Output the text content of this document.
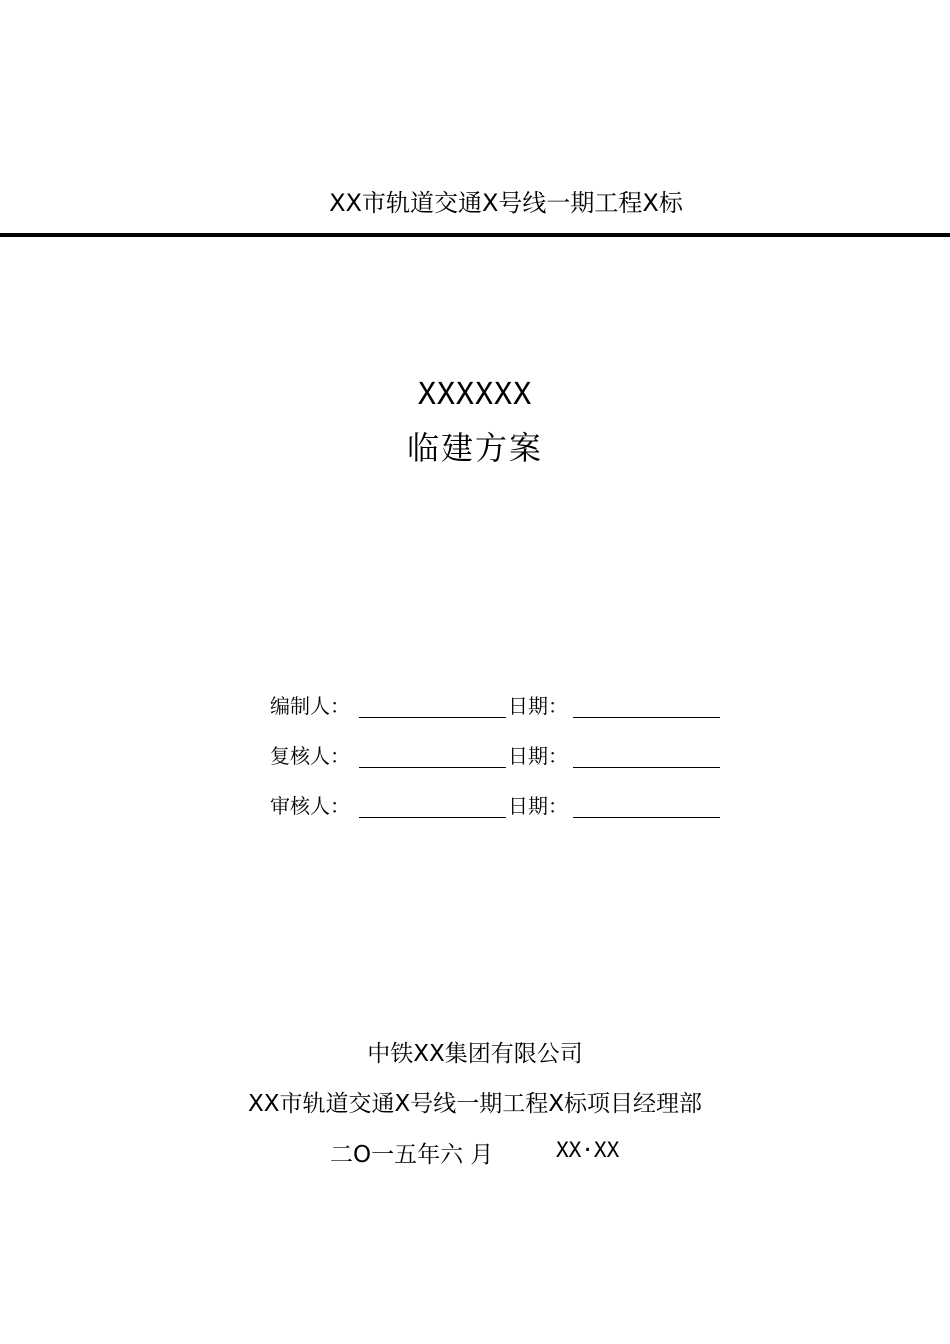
XX市轨道交通X号线一期工程X标
XXXXXX
临建方案
编制人：	日期：
复核人：	日期：
审核人：	日期：
中铁XX集团有限公司
XX市轨道交通X号线一期工程X标项目经理部
二O一五年六 月	XX·XX
